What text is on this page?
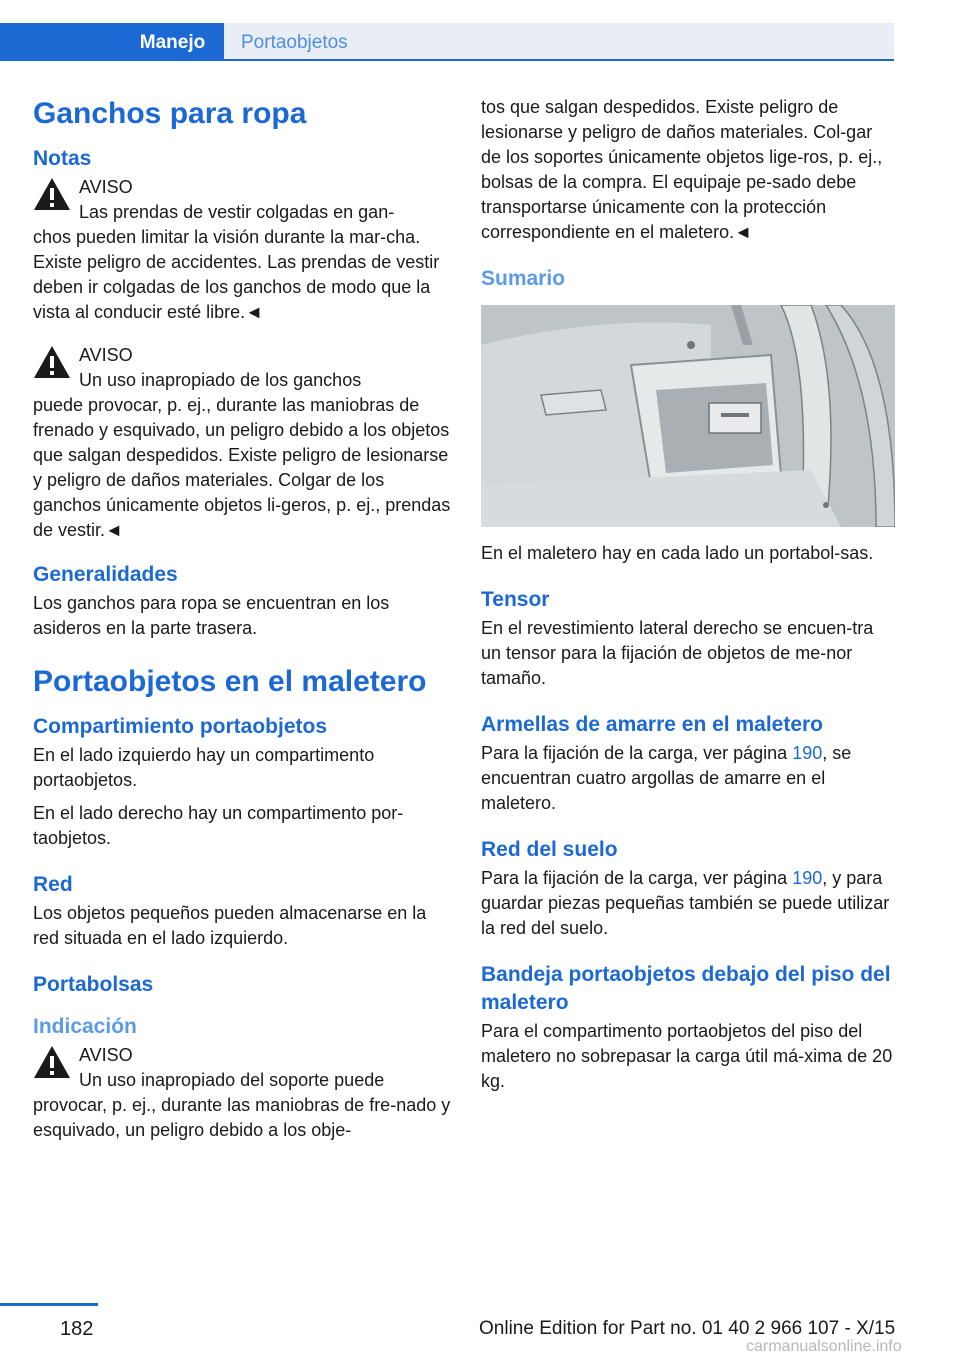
Manejo	Portaobjetos
Ganchos para ropa
Notas

AVISO

Las prendas de vestir colgadas en gan-

chos pueden limitar la visión durante la mar-cha. Existe peligro de accidentes. Las prendas de vestir deben ir colgadas de los ganchos de modo que la vista al conducir esté libre.◄

AVISO

Un uso inapropiado de los ganchos

puede provocar, p. ej., durante las maniobras de frenado y esquivado, un peligro debido a los objetos que salgan despedidos. Existe peligro de lesionarse y peligro de daños materiales. Colgar de los ganchos únicamente objetos li-geros, p. ej., prendas de vestir.◄

Generalidades

Los ganchos para ropa se encuentran en los asideros en la parte trasera.

Portaobjetos en el maletero
Compartimiento portaobjetos

En el lado izquierdo hay un compartimento portaobjetos.

En el lado derecho hay un compartimento por-taobjetos.

Red

Los objetos pequeños pueden almacenarse en la red situada en el lado izquierdo.

Portabolsas
Indicación

AVISO

Un uso inapropiado del soporte puede

provocar, p. ej., durante las maniobras de fre-nado y esquivado, un peligro debido a los obje-

tos que salgan despedidos. Existe peligro de lesionarse y peligro de daños materiales. Col-gar de los soportes únicamente objetos lige-ros, p. ej., bolsas de la compra. El equipaje pe-sado debe transportarse únicamente con la protección correspondiente en el maletero.◄

Sumario

En el maletero hay en cada lado un portabol-sas.

Tensor

En el revestimiento lateral derecho se encuen-tra un tensor para la fijación de objetos de me-nor tamaño.

Armellas de amarre en el maletero

Para la fijación de la carga, ver página 190, se encuentran cuatro argollas de amarre en el maletero.

Red del suelo

Para la fijación de la carga, ver página 190, y para guardar piezas pequeñas también se puede utilizar la red del suelo.

Bandeja portaobjetos debajo del piso del maletero

Para el compartimento portaobjetos del piso del maletero no sobrepasar la carga útil má-xima de 20 kg.

182	Online Edition for Part no. 01 40 2 966 107 - X/15
carmanualsonline.info
